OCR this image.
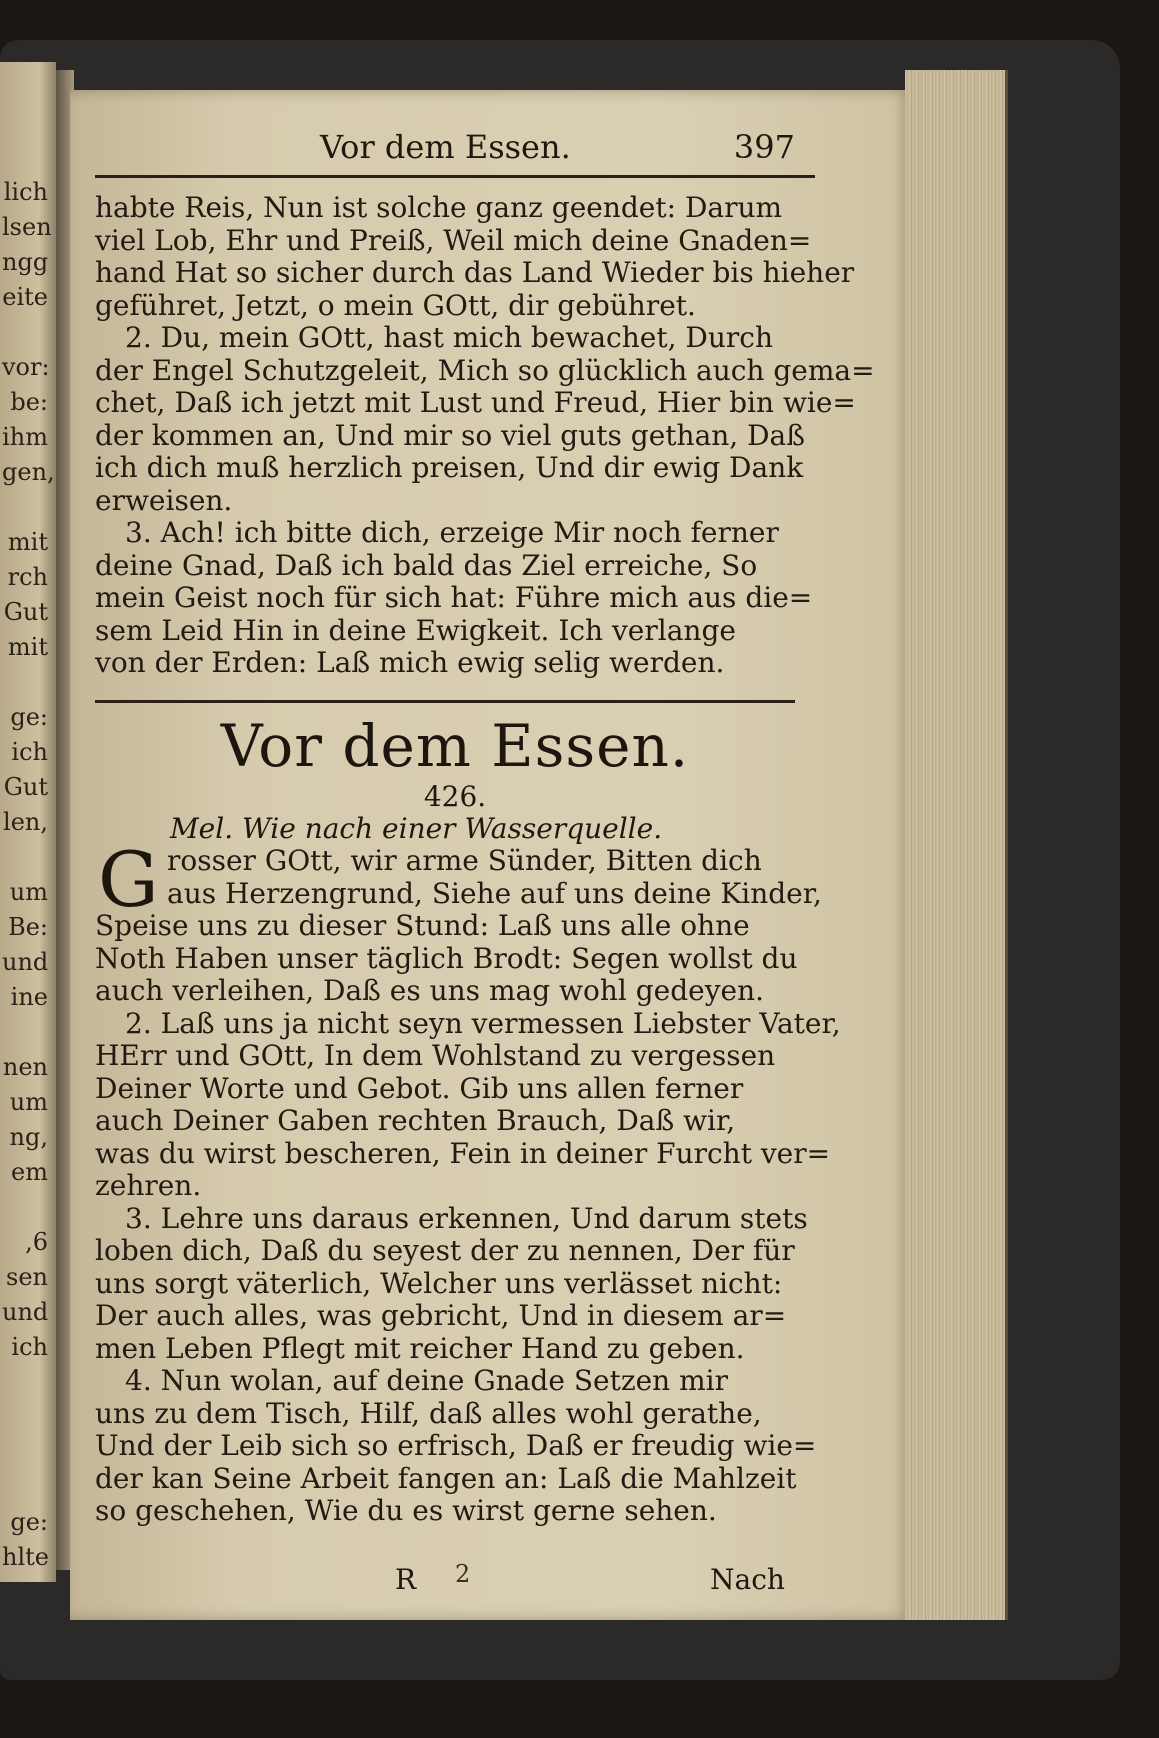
lich
lsen
ngg
eite
vor:
be:
ihm
gen,
mit
rch
Gut
mit
ge:
ich
Gut
len,
um
Be:
und
ine
nen
um
ng,
em
,6
sen
und
ich
ge:
hlte
Vor dem Essen.	397
habte Reis, Nun ist solche ganz geendet: Darum
viel Lob, Ehr und Preiß, Weil mich deine Gnaden=
hand Hat so sicher durch das Land Wieder bis hieher
geführet, Jetzt, o mein GOtt, dir gebühret.
2. Du, mein GOtt, hast mich bewachet, Durch
der Engel Schutzgeleit, Mich so glücklich auch gema=
chet, Daß ich jetzt mit Lust und Freud, Hier bin wie=
der kommen an, Und mir so viel guts gethan, Daß
ich dich muß herzlich preisen, Und dir ewig Dank
erweisen.
3. Ach! ich bitte dich, erzeige Mir noch ferner
deine Gnad, Daß ich bald das Ziel erreiche, So
mein Geist noch für sich hat: Führe mich aus die=
sem Leid Hin in deine Ewigkeit. Ich verlange
von der Erden: Laß mich ewig selig werden.
Vor dem Essen.
426.
Mel. Wie nach einer Wasserquelle.
G rosser GOtt, wir arme Sünder, Bitten dich
aus Herzengrund, Siehe auf uns deine Kinder,
Speise uns zu dieser Stund: Laß uns alle ohne
Noth Haben unser täglich Brodt: Segen wollst du
auch verleihen, Daß es uns mag wohl gedeyen.
2. Laß uns ja nicht seyn vermessen Liebster Vater,
HErr und GOtt, In dem Wohlstand zu vergessen
Deiner Worte und Gebot. Gib uns allen ferner
auch Deiner Gaben rechten Brauch, Daß wir,
was du wirst bescheren, Fein in deiner Furcht ver=
zehren.
3. Lehre uns daraus erkennen, Und darum stets
loben dich, Daß du seyest der zu nennen, Der für
uns sorgt väterlich, Welcher uns verlässet nicht:
Der auch alles, was gebricht, Und in diesem ar=
men Leben Pflegt mit reicher Hand zu geben.
4. Nun wolan, auf deine Gnade Setzen mir
uns zu dem Tisch, Hilf, daß alles wohl gerathe,
Und der Leib sich so erfrisch, Daß er freudig wie=
der kan Seine Arbeit fangen an: Laß die Mahlzeit
so geschehen, Wie du es wirst gerne sehen.
R 2	Nach
